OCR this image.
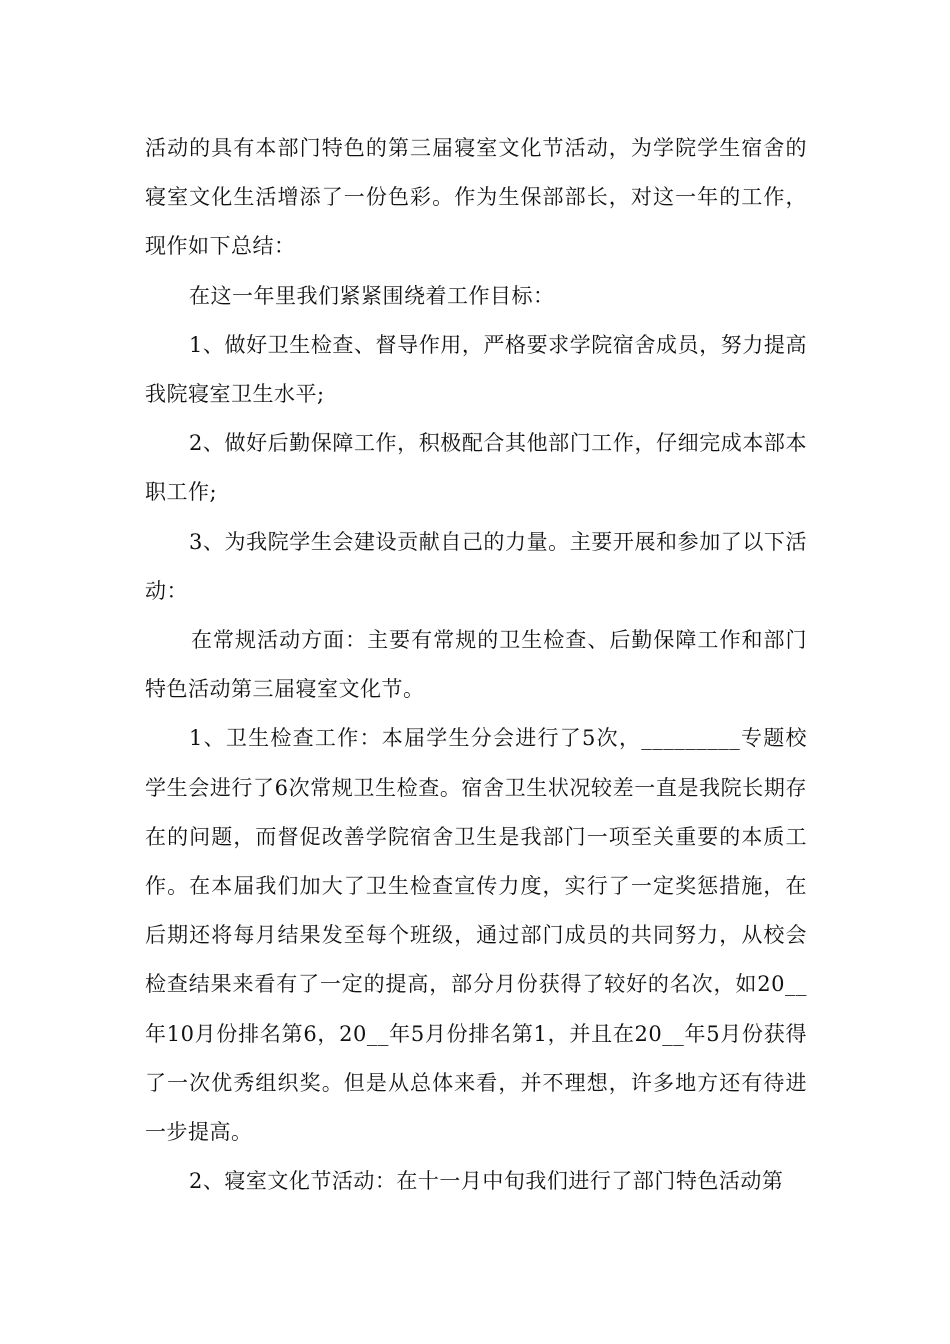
活动的具有本部门特色的第三届寝室文化节活动，为学院学生宿舍的寝室文化生活增添了一份色彩。作为生保部部长，对这一年的工作，现作如下总结：

在这一年里我们紧紧围绕着工作目标：

1、做好卫生检查、督导作用，严格要求学院宿舍成员，努力提高我院寝室卫生水平;

2、做好后勤保障工作，积极配合其他部门工作，仔细完成本部本职工作;

3、为我院学生会建设贡献自己的力量。主要开展和参加了以下活动：

在常规活动方面：主要有常规的卫生检查、后勤保障工作和部门特色活动第三届寝室文化节。

1、卫生检查工作：本届学生分会进行了5次，_________专题校学生会进行了6次常规卫生检查。宿舍卫生状况较差一直是我院长期存在的问题，而督促改善学院宿舍卫生是我部门一项至关重要的本质工作。在本届我们加大了卫生检查宣传力度，实行了一定奖惩措施，在后期还将每月结果发至每个班级，通过部门成员的共同努力，从校会检查结果来看有了一定的提高，部分月份获得了较好的名次，如20__年10月份排名第6，20__年5月份排名第1，并且在20__年5月份获得了一次优秀组织奖。但是从总体来看，并不理想，许多地方还有待进一步提高。

2、寝室文化节活动：在十一月中旬我们进行了部门特色活动第
